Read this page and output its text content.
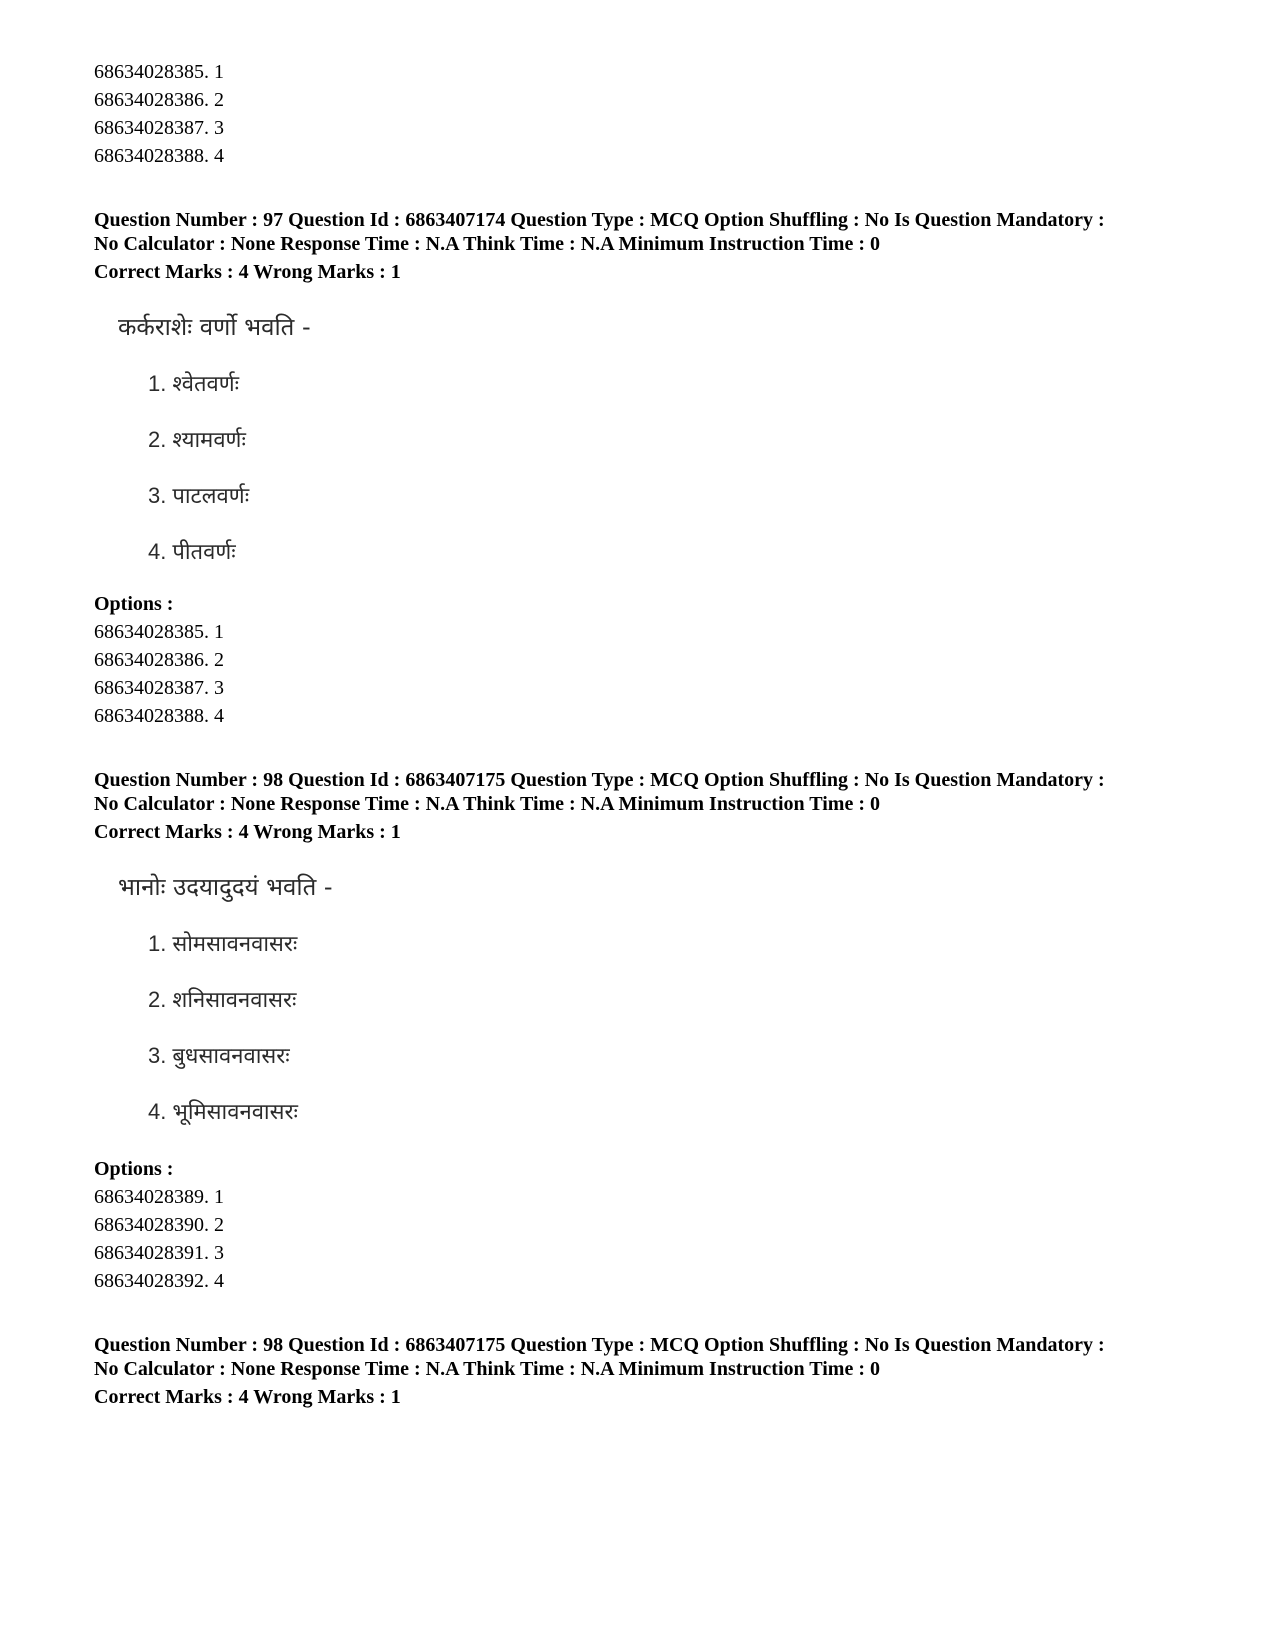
68634028385. 1
68634028386. 2
68634028387. 3
68634028388. 4
Question Number : 97 Question Id : 6863407174 Question Type : MCQ Option Shuffling : No Is Question Mandatory :
No Calculator : None Response Time : N.A Think Time : N.A Minimum Instruction Time : 0
Correct Marks : 4 Wrong Marks : 1
कर्कराशेः वर्णो भवति -
1. श्वेतवर्णः
2. श्यामवर्णः
3. पाटलवर्णः
4. पीतवर्णः
Options :
68634028385. 1
68634028386. 2
68634028387. 3
68634028388. 4
Question Number : 98 Question Id : 6863407175 Question Type : MCQ Option Shuffling : No Is Question Mandatory :
No Calculator : None Response Time : N.A Think Time : N.A Minimum Instruction Time : 0
Correct Marks : 4 Wrong Marks : 1
भानोः उदयादुदयं भवति -
1. सोमसावनवासरः
2. शनिसावनवासरः
3. बुधसावनवासरः
4. भूमिसावनवासरः
Options :
68634028389. 1
68634028390. 2
68634028391. 3
68634028392. 4
Question Number : 98 Question Id : 6863407175 Question Type : MCQ Option Shuffling : No Is Question Mandatory :
No Calculator : None Response Time : N.A Think Time : N.A Minimum Instruction Time : 0
Correct Marks : 4 Wrong Marks : 1
